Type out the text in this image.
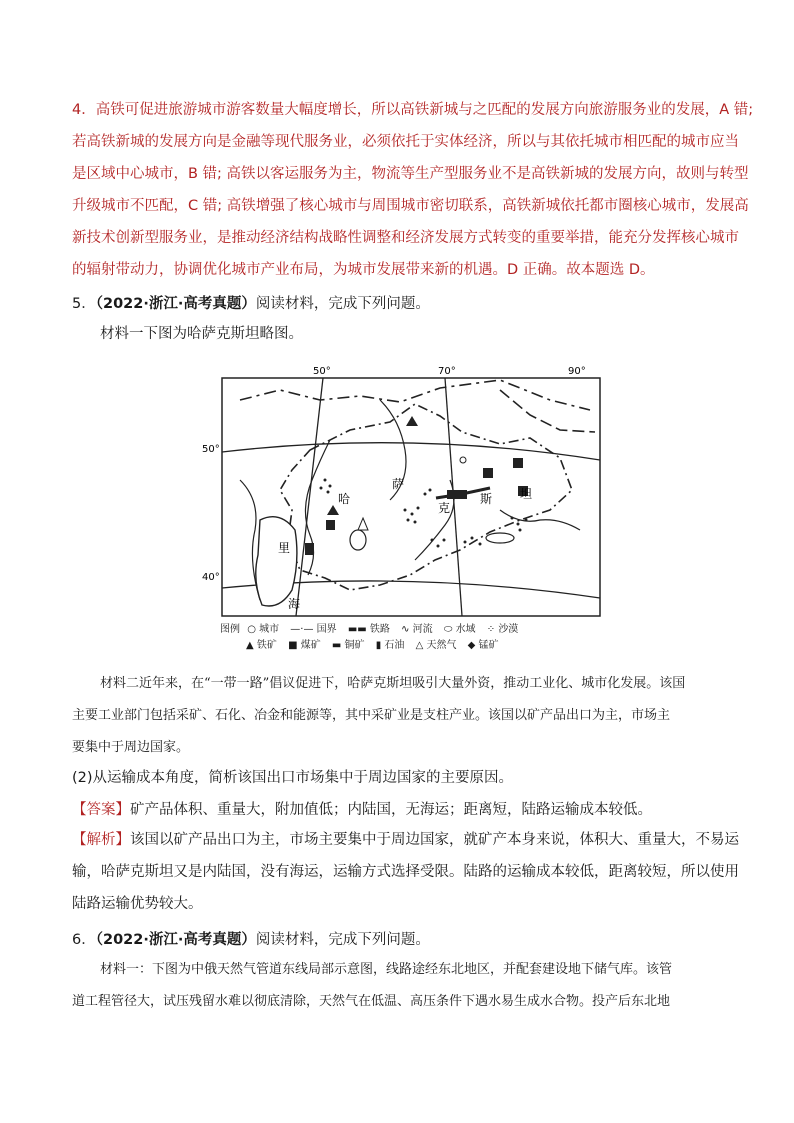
4．高铁可促进旅游城市游客数量大幅度增长，所以高铁新城与之匹配的发展方向旅游服务业的发展，A 错;
若高铁新城的发展方向是金融等现代服务业，必须依托于实体经济，所以与其依托城市相匹配的城市应当
是区域中心城市，B 错; 高铁以客运服务为主，物流等生产型服务业不是高铁新城的发展方向，故则与转型
升级城市不匹配，C 错; 高铁增强了核心城市与周围城市密切联系，高铁新城依托都市圈核心城市，发展高
新技术创新型服务业，是推动经济结构战略性调整和经济发展方式转变的重要举措，能充分发挥核心城市
的辐射带动力，协调优化城市产业布局，为城市发展带来新的机遇。D 正确。故本题选 D。
5．（2022·浙江·高考真题）阅读材料，完成下列问题。
材料一下图为哈萨克斯坦略图。
50°	70°	90°
50°
40°
哈
萨
克
斯 坦
里
海
图例 ○ 城市 —·— 国界 ▬▬ 铁路 ∿ 河流 ⬭ 水域 ⁘ 沙漠
▲ 铁矿 ■ 煤矿 ▬ 铜矿 ▮ 石油 △ 天然气 ◆ 锰矿
材料二近年来，在“一带一路”倡议促进下，哈萨克斯坦吸引大量外资，推动工业化、城市化发展。该国
主要工业部门包括采矿、石化、冶金和能源等，其中采矿业是支柱产业。该国以矿产品出口为主，市场主
要集中于周边国家。
(2)从运输成本角度，简析该国出口市场集中于周边国家的主要原因。
【答案】矿产品体积、重量大，附加值低；内陆国，无海运；距离短，陆路运输成本较低。
【解析】该国以矿产品出口为主，市场主要集中于周边国家，就矿产本身来说，体积大、重量大，不易运
输，哈萨克斯坦又是内陆国，没有海运，运输方式选择受限。陆路的运输成本较低，距离较短，所以使用
陆路运输优势较大。
6．（2022·浙江·高考真题）阅读材料，完成下列问题。
材料一：下图为中俄天然气管道东线局部示意图，线路途经东北地区，并配套建设地下储气库。该管
道工程管径大，试压残留水难以彻底清除，天然气在低温、高压条件下遇水易生成水合物。投产后东北地
